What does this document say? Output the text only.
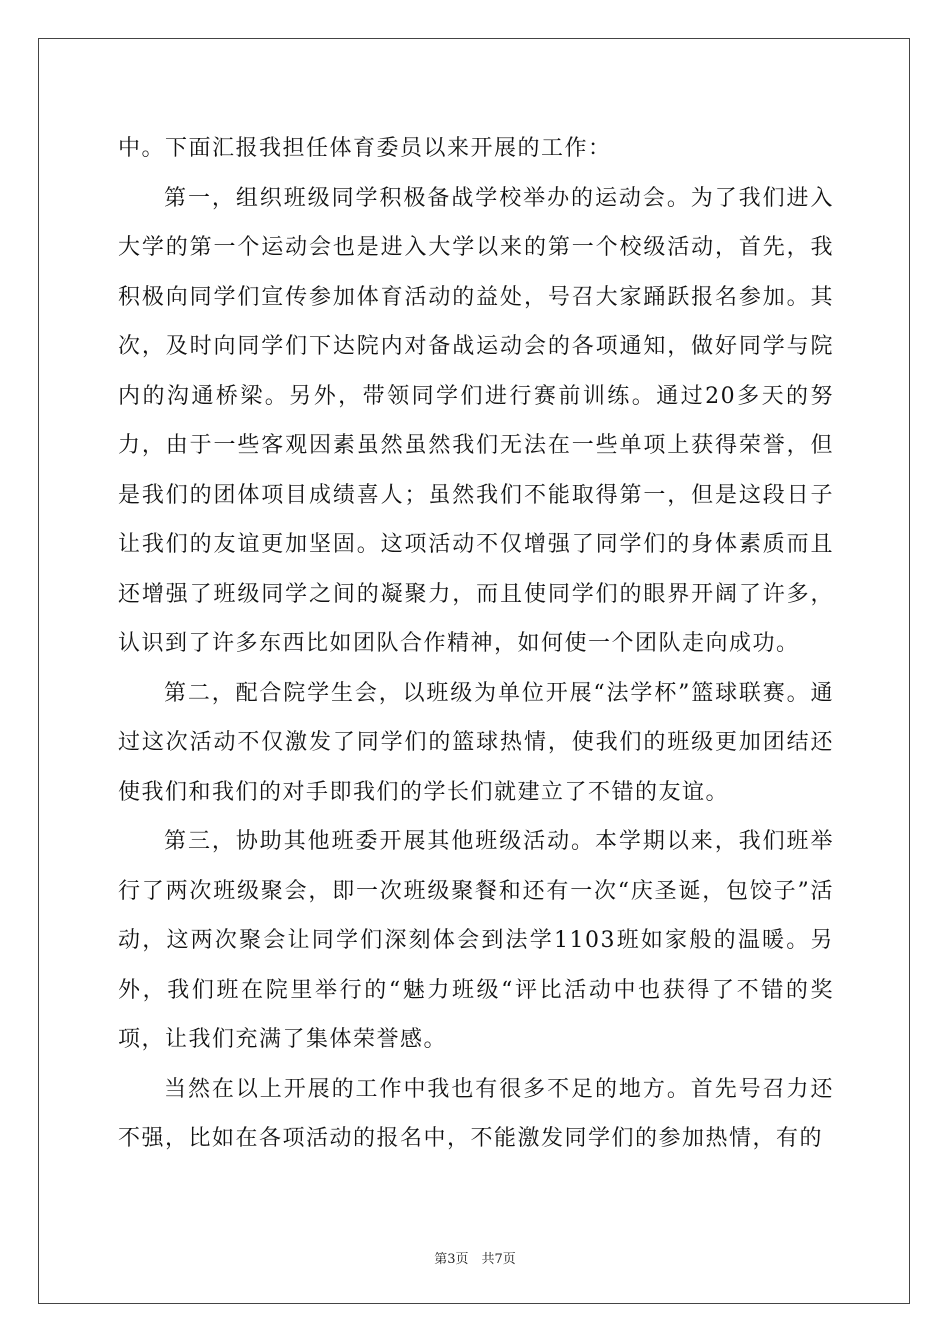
中。下面汇报我担任体育委员以来开展的工作：

第一，组织班级同学积极备战学校举办的运动会。为了我们进入大学的第一个运动会也是进入大学以来的第一个校级活动，首先，我积极向同学们宣传参加体育活动的益处，号召大家踊跃报名参加。其次，及时向同学们下达院内对备战运动会的各项通知，做好同学与院内的沟通桥梁。另外，带领同学们进行赛前训练。通过20多天的努力，由于一些客观因素虽然虽然我们无法在一些单项上获得荣誉，但是我们的团体项目成绩喜人；虽然我们不能取得第一，但是这段日子让我们的友谊更加坚固。这项活动不仅增强了同学们的身体素质而且还增强了班级同学之间的凝聚力，而且使同学们的眼界开阔了许多，认识到了许多东西比如团队合作精神，如何使一个团队走向成功。

第二，配合院学生会，以班级为单位开展“法学杯”篮球联赛。通过这次活动不仅激发了同学们的篮球热情，使我们的班级更加团结还使我们和我们的对手即我们的学长们就建立了不错的友谊。

第三，协助其他班委开展其他班级活动。本学期以来，我们班举行了两次班级聚会，即一次班级聚餐和还有一次“庆圣诞，包饺子”活动，这两次聚会让同学们深刻体会到法学1103班如家般的温暖。另外，我们班在院里举行的“魅力班级“评比活动中也获得了不错的奖项，让我们充满了集体荣誉感。

当然在以上开展的工作中我也有很多不足的地方。首先号召力还不强，比如在各项活动的报名中，不能激发同学们的参加热情，有的

第3页　共7页
